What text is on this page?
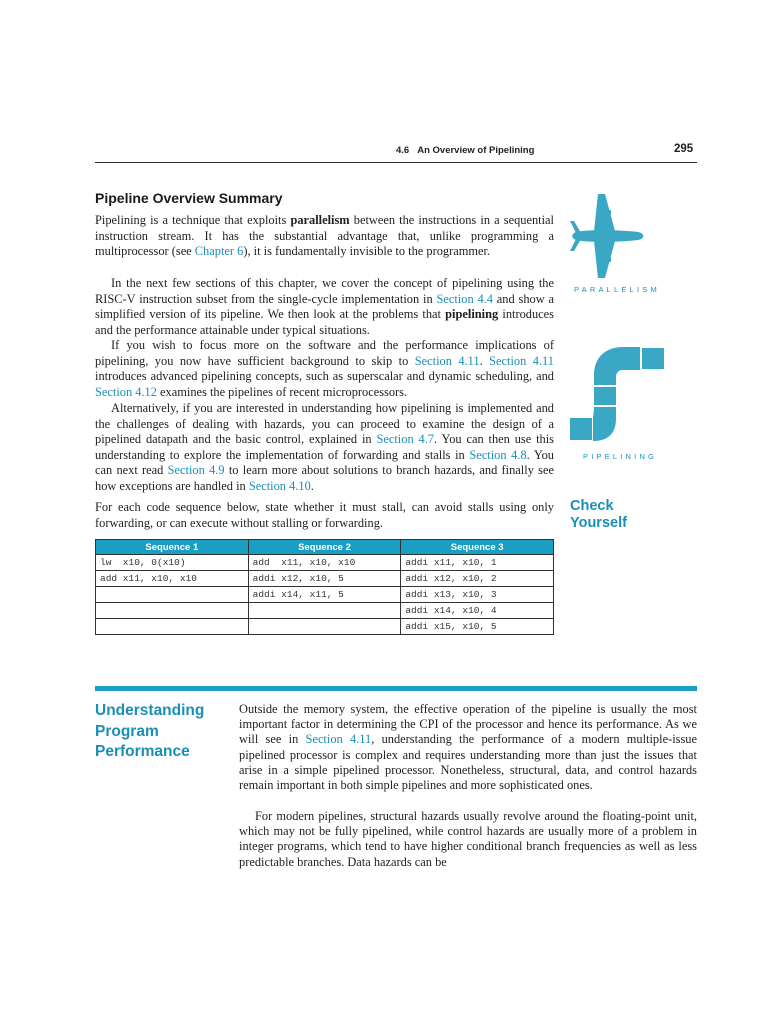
4.6 An Overview of Pipelining	295
Pipeline Overview Summary
Pipelining is a technique that exploits parallelism between the instructions in a sequential instruction stream. It has the substantial advantage that, unlike programming a multiprocessor (see Chapter 6), it is fundamentally invisible to the programmer.
In the next few sections of this chapter, we cover the concept of pipelining using the RISC-V instruction subset from the single-cycle implementation in Section 4.4 and show a simplified version of its pipeline. We then look at the problems that pipelining introduces and the performance attainable under typical situations.
If you wish to focus more on the software and the performance implications of pipelining, you now have sufficient background to skip to Section 4.11. Section 4.11 introduces advanced pipelining concepts, such as superscalar and dynamic scheduling, and Section 4.12 examines the pipelines of recent microprocessors.
Alternatively, if you are interested in understanding how pipelining is implemented and the challenges of dealing with hazards, you can proceed to examine the design of a pipelined datapath and the basic control, explained in Section 4.7. You can then use this understanding to explore the implementation of forwarding and stalls in Section 4.8. You can next read Section 4.9 to learn more about solutions to branch hazards, and finally see how exceptions are handled in Section 4.10.
For each code sequence below, state whether it must stall, can avoid stalls using only forwarding, or can execute without stalling or forwarding.
PARALLELISM
PIPELINING
Check
Yourself
Sequence 1	Sequence 2	Sequence 3
lw  x10, 0(x10)	add  x11, x10, x10	addi x11, x10, 1
add x11, x10, x10	addi x12, x10, 5	addi x12, x10, 2
	addi x14, x11, 5	addi x13, x10, 3
		addi x14, x10, 4
		addi x15, x10, 5
Understanding
Program
Performance
Outside the memory system, the effective operation of the pipeline is usually the most important factor in determining the CPI of the processor and hence its performance. As we will see in Section 4.11, understanding the performance of a modern multiple-issue pipelined processor is complex and requires understanding more than just the issues that arise in a simple pipelined processor. Nonetheless, structural, data, and control hazards remain important in both simple pipelines and more sophisticated ones.
For modern pipelines, structural hazards usually revolve around the floating-point unit, which may not be fully pipelined, while control hazards are usually more of a problem in integer programs, which tend to have higher conditional branch frequencies as well as less predictable branches. Data hazards can be
